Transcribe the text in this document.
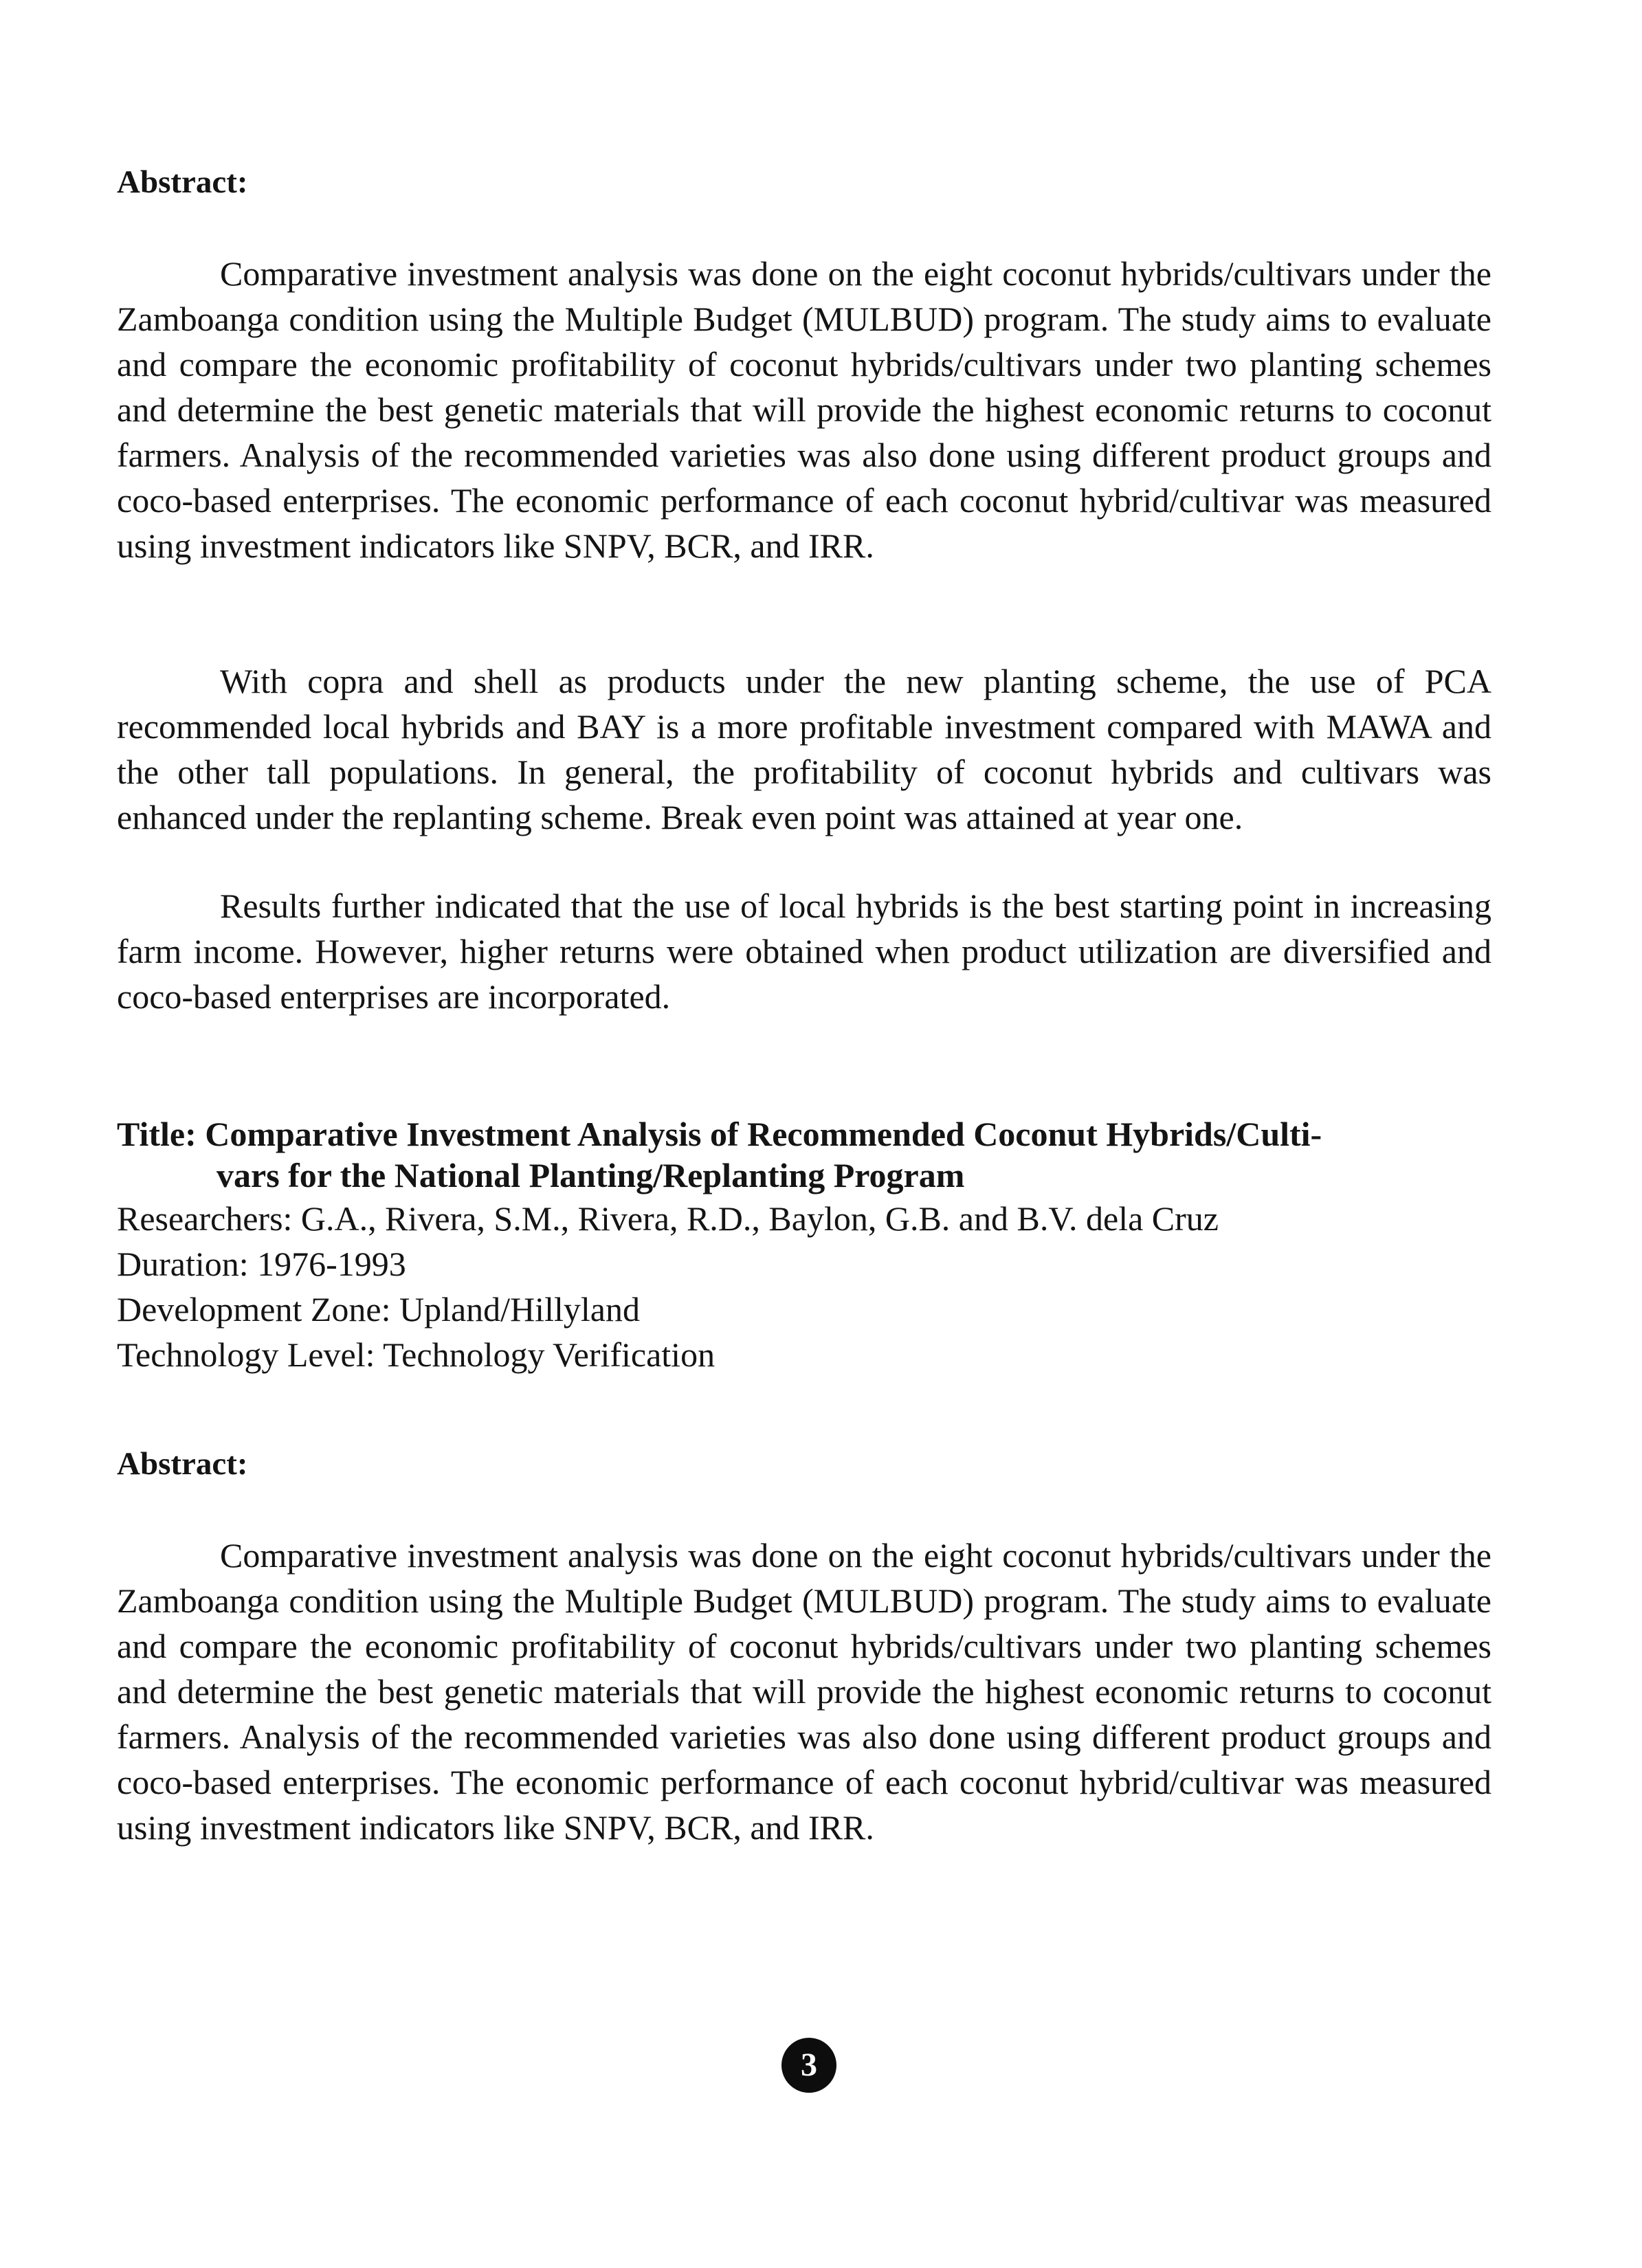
Abstract:

Comparative investment analysis was done on the eight coconut hybrids/cultivars under the Zamboanga condition using the Multiple Budget (MULBUD) program. The study aims to evaluate and compare the economic profitability of coconut hybrids/cultivars under two planting schemes and determine the best genetic materials that will provide the highest economic returns to coconut farmers. Analysis of the recommended varieties was also done using different product groups and coco-based enterprises. The economic performance of each coconut hybrid/cultivar was measured using investment indicators like SNPV, BCR, and IRR.

With copra and shell as products under the new planting scheme, the use of PCA recommended local hybrids and BAY is a more profitable investment compared with MAWA and the other tall populations. In general, the profitability of coconut hybrids and cultivars was enhanced under the replanting scheme. Break even point was attained at year one.

Results further indicated that the use of local hybrids is the best starting point in increasing farm income. However, higher returns were obtained when product utilization are diversified and coco-based enterprises are incorporated.

Title: Comparative Investment Analysis of Recommended Coconut Hybrids/Culti-
vars for the National Planting/Replanting Program
Researchers: G.A., Rivera, S.M., Rivera, R.D., Baylon, G.B. and B.V. dela Cruz
Duration: 1976-1993
Development Zone: Upland/Hillyland
Technology Level: Technology Verification
Abstract:

Comparative investment analysis was done on the eight coconut hybrids/cultivars under the Zamboanga condition using the Multiple Budget (MULBUD) program. The study aims to evaluate and compare the economic profitability of coconut hybrids/cultivars under two planting schemes and determine the best genetic materials that will provide the highest economic returns to coconut farmers. Analysis of the recommended varieties was also done using different product groups and coco-based enterprises. The economic performance of each coconut hybrid/cultivar was measured using investment indicators like SNPV, BCR, and IRR.

3
